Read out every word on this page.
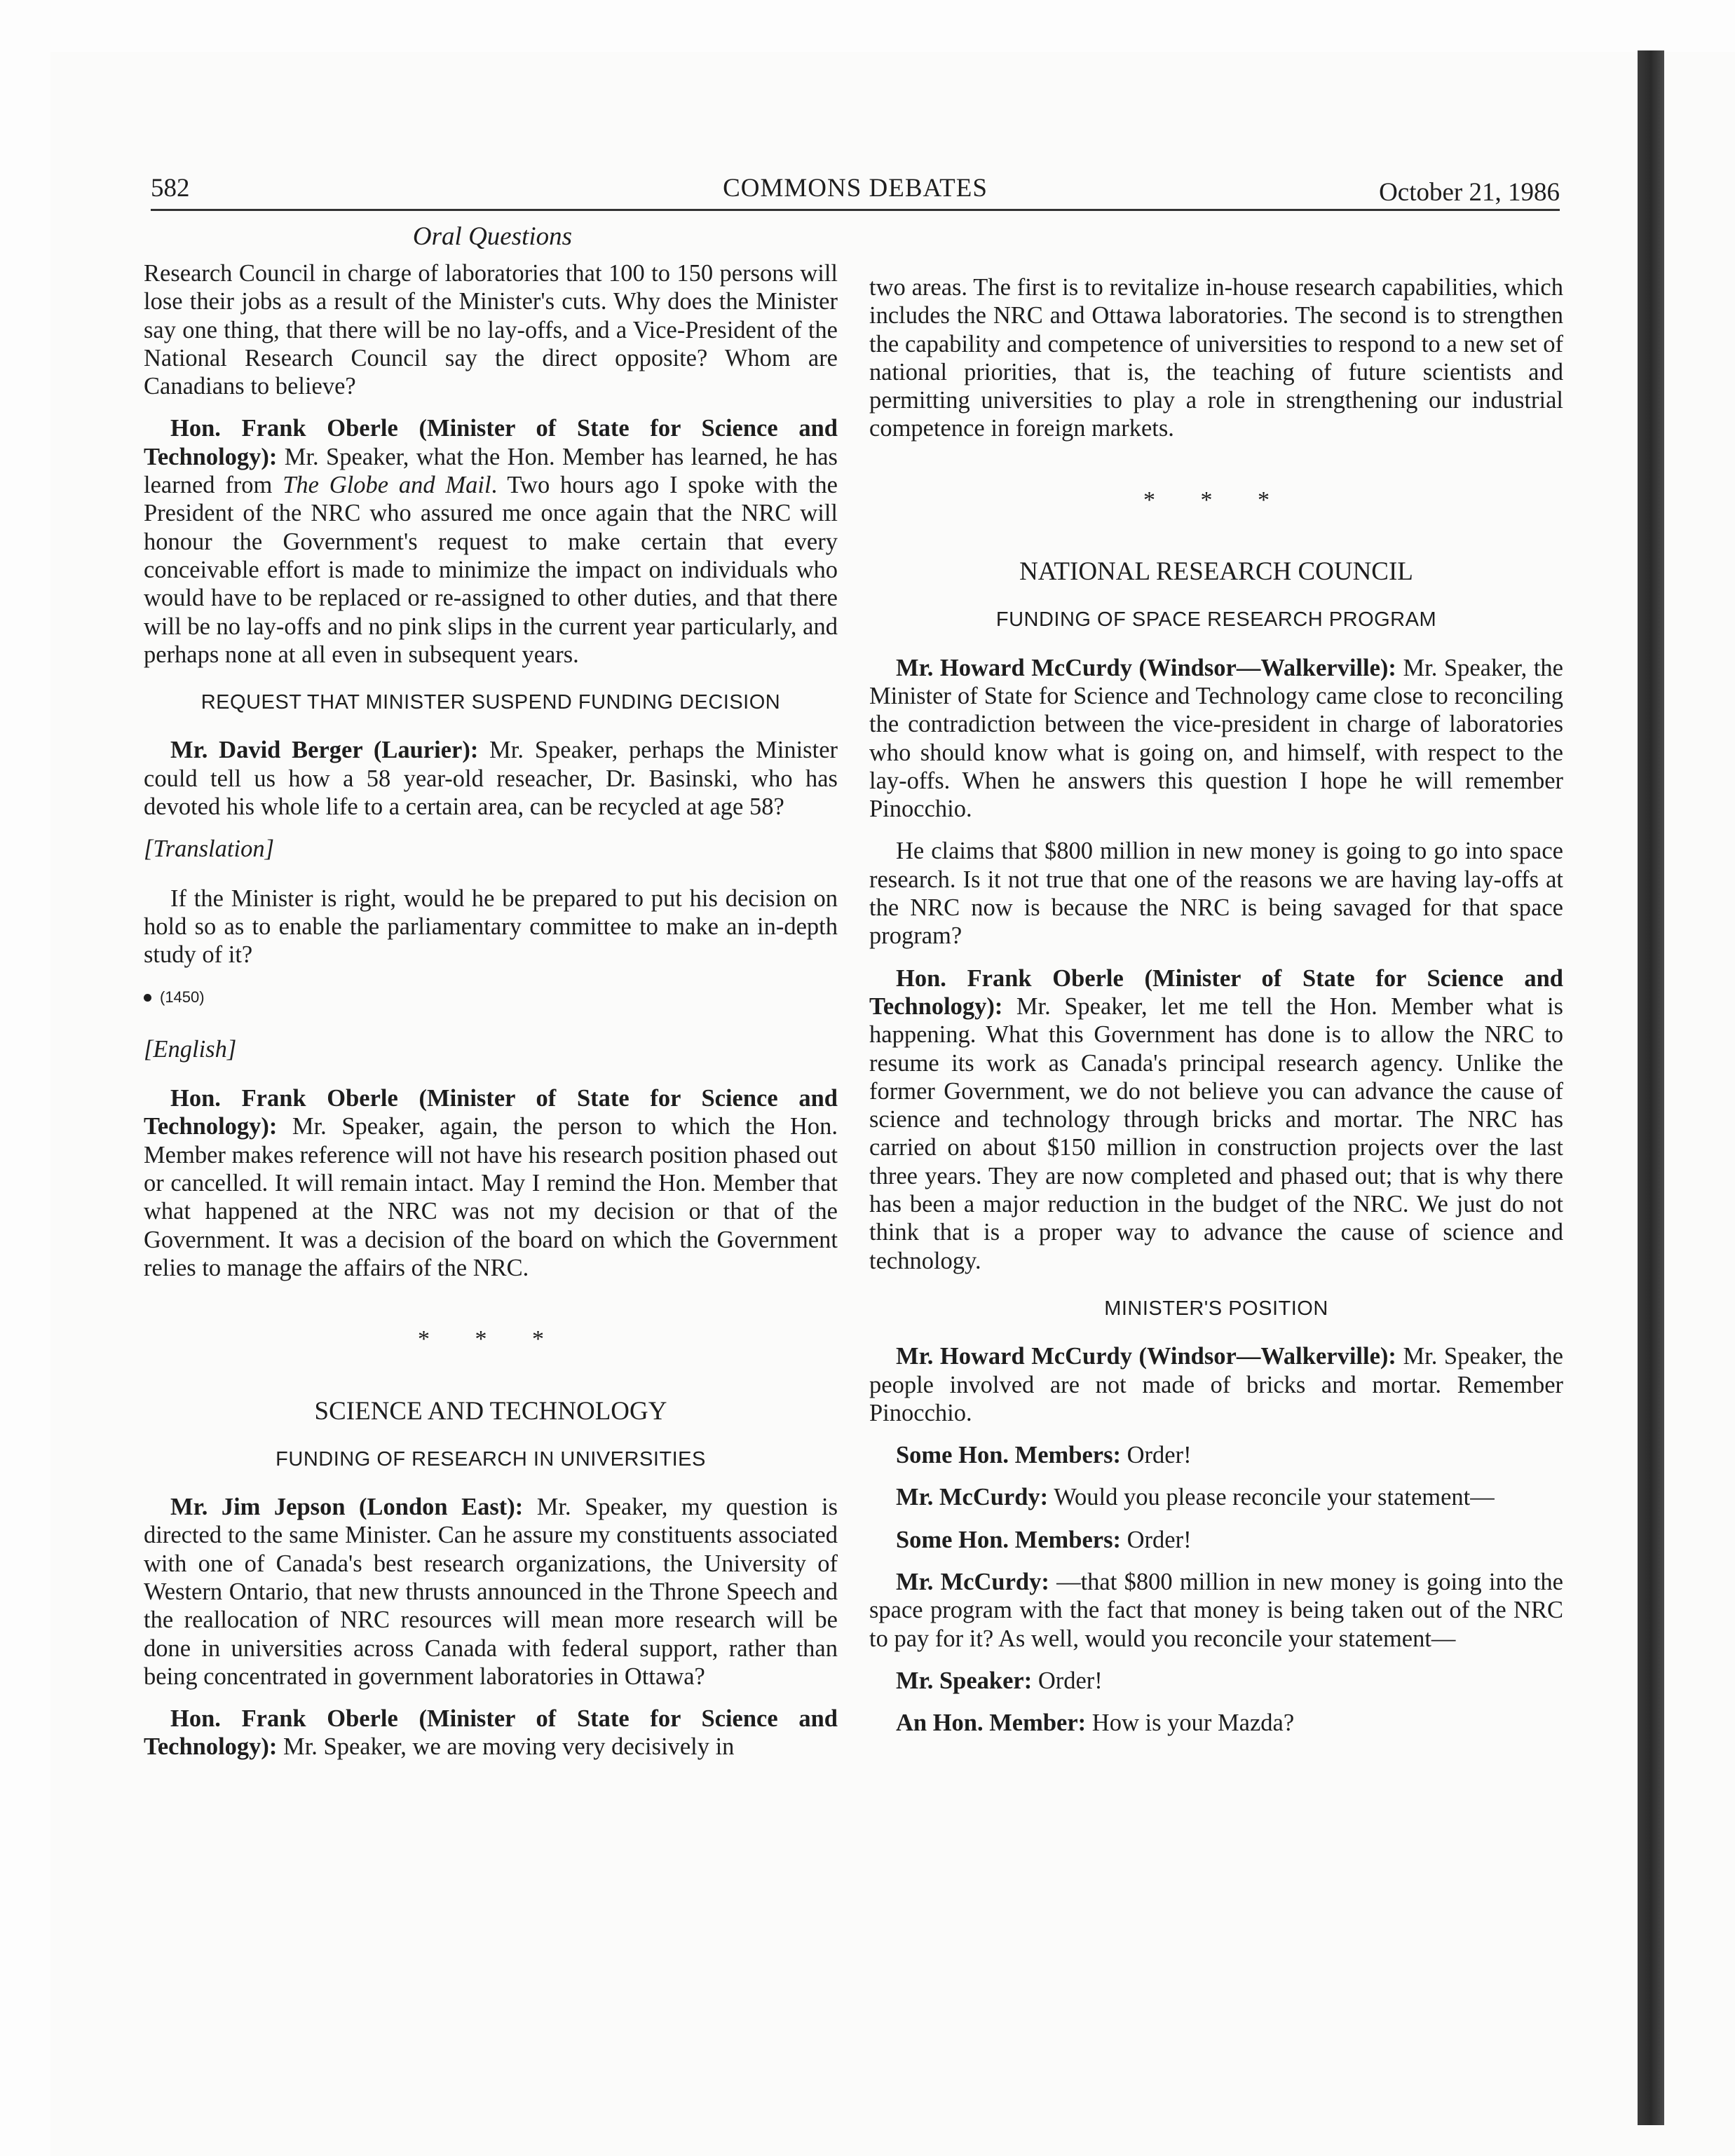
582	COMMONS DEBATES	October 21, 1986
Oral Questions

Research Council in charge of laboratories that 100 to 150 persons will lose their jobs as a result of the Minister's cuts. Why does the Minister say one thing, that there will be no lay-offs, and a Vice-President of the National Research Council say the direct opposite? Whom are Canadians to believe?

Hon. Frank Oberle (Minister of State for Science and Technology): Mr. Speaker, what the Hon. Member has learned, he has learned from The Globe and Mail. Two hours ago I spoke with the President of the NRC who assured me once again that the NRC will honour the Government's request to make certain that every conceivable effort is made to minimize the impact on individuals who would have to be replaced or re-assigned to other duties, and that there will be no lay-offs and no pink slips in the current year particularly, and perhaps none at all even in subsequent years.

REQUEST THAT MINISTER SUSPEND FUNDING DECISION

Mr. David Berger (Laurier): Mr. Speaker, perhaps the Minister could tell us how a 58 year-old reseacher, Dr. Basinski, who has devoted his whole life to a certain area, can be recycled at age 58?

[Translation]

If the Minister is right, would he be prepared to put his decision on hold so as to enable the parliamentary committee to make an in-depth study of it?

(1450)
[English]

Hon. Frank Oberle (Minister of State for Science and Technology): Mr. Speaker, again, the person to which the Hon. Member makes reference will not have his research position phased out or cancelled. It will remain intact. May I remind the Hon. Member that what happened at the NRC was not my decision or that of the Government. It was a decision of the board on which the Government relies to manage the affairs of the NRC.

* * *
SCIENCE AND TECHNOLOGY
FUNDING OF RESEARCH IN UNIVERSITIES

Mr. Jim Jepson (London East): Mr. Speaker, my question is directed to the same Minister. Can he assure my constituents associated with one of Canada's best research organizations, the University of Western Ontario, that new thrusts announced in the Throne Speech and the reallocation of NRC resources will mean more research will be done in universities across Canada with federal support, rather than being concentrated in government laboratories in Ottawa?

Hon. Frank Oberle (Minister of State for Science and Technology): Mr. Speaker, we are moving very decisively in

two areas. The first is to revitalize in-house research capabilities, which includes the NRC and Ottawa laboratories. The second is to strengthen the capability and competence of universities to respond to a new set of national priorities, that is, the teaching of future scientists and permitting universities to play a role in strengthening our industrial competence in foreign markets.

* * *
NATIONAL RESEARCH COUNCIL
FUNDING OF SPACE RESEARCH PROGRAM

Mr. Howard McCurdy (Windsor—Walkerville): Mr. Speaker, the Minister of State for Science and Technology came close to reconciling the contradiction between the vice-president in charge of laboratories who should know what is going on, and himself, with respect to the lay-offs. When he answers this question I hope he will remember Pinocchio.

He claims that $800 million in new money is going to go into space research. Is it not true that one of the reasons we are having lay-offs at the NRC now is because the NRC is being savaged for that space program?

Hon. Frank Oberle (Minister of State for Science and Technology): Mr. Speaker, let me tell the Hon. Member what is happening. What this Government has done is to allow the NRC to resume its work as Canada's principal research agency. Unlike the former Government, we do not believe you can advance the cause of science and technology through bricks and mortar. The NRC has carried on about $150 million in construction projects over the last three years. They are now completed and phased out; that is why there has been a major reduction in the budget of the NRC. We just do not think that is a proper way to advance the cause of science and technology.

MINISTER'S POSITION

Mr. Howard McCurdy (Windsor—Walkerville): Mr. Speaker, the people involved are not made of bricks and mortar. Remember Pinocchio.

Some Hon. Members: Order!

Mr. McCurdy: Would you please reconcile your statement—

Some Hon. Members: Order!

Mr. McCurdy: —that $800 million in new money is going into the space program with the fact that money is being taken out of the NRC to pay for it? As well, would you reconcile your statement—

Mr. Speaker: Order!

An Hon. Member: How is your Mazda?
